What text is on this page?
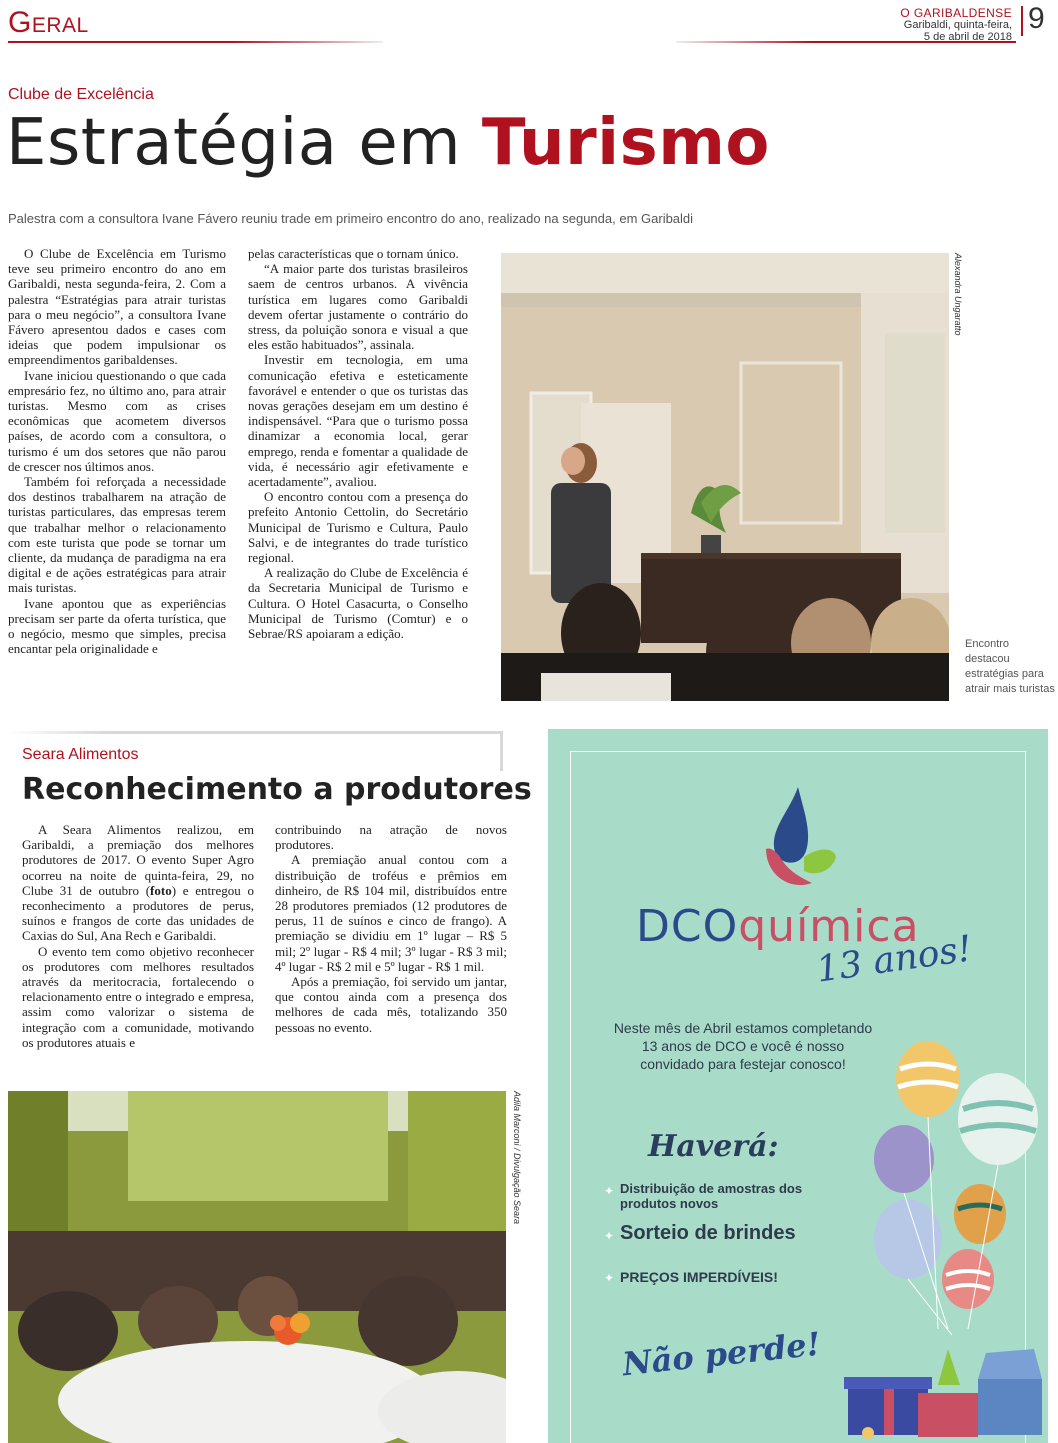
Geral	O GARIBALDENSE
Garibaldi, quinta-feira,
5 de abril de 2018
9
Clube de Excelência
Estratégia em Turismo
Palestra com a consultora Ivane Fávero reuniu trade em primeiro encontro do ano, realizado na segunda, em Garibaldi

O Clube de Excelência em Turismo teve seu primeiro encontro do ano em Garibaldi, nesta segunda-feira, 2. Com a palestra “Estratégias para atrair turistas para o meu negócio”, a consultora Ivane Fávero apresentou dados e cases com ideias que podem impulsionar os empreendimentos garibaldenses.

Ivane iniciou questionando o que cada empresário fez, no último ano, para atrair turistas. Mesmo com as crises econômicas que acometem diversos países, de acordo com a consultora, o turismo é um dos setores que não parou de crescer nos últimos anos.

Também foi reforçada a necessidade dos destinos trabalharem na atração de turistas particulares, das empresas terem que trabalhar melhor o relacionamento com este turista que pode se tornar um cliente, da mudança de paradigma na era digital e de ações estratégicas para atrair mais turistas.

Ivane apontou que as experiências precisam ser parte da oferta turística, que o negócio, mesmo que simples, precisa encantar pela originalidade e

pelas características que o tornam único.

“A maior parte dos turistas brasileiros saem de centros urbanos. A vivência turística em lugares como Garibaldi devem ofertar justamente o contrário do stress, da poluição sonora e visual a que eles estão habituados”, assinala.

Investir em tecnologia, em uma comunicação efetiva e esteticamente favorável e entender o que os turistas das novas gerações desejam em um destino é indispensável. “Para que o turismo possa dinamizar a economia local, gerar emprego, renda e fomentar a qualidade de vida, é necessário agir efetivamente e acertadamente”, avaliou.

O encontro contou com a presença do prefeito Antonio Cettolin, do Secretário Municipal de Turismo e Cultura, Paulo Salvi, e de integrantes do trade turístico regional.

A realização do Clube de Excelência é da Secretaria Municipal de Turismo e Cultura. O Hotel Casacurta, o Conselho Municipal de Turismo (Comtur) e o Sebrae/RS apoiaram a edição.

Alexandra Ungaratto
Encontro destacou estratégias para atrair mais turistas
Seara Alimentos
Reconhecimento a produtores

A Seara Alimentos realizou, em Garibaldi, a premiação dos melhores produtores de 2017. O evento Super Agro ocorreu na noite de quinta-feira, 29, no Clube 31 de outubro (foto) e entregou o reconhecimento a produtores de perus, suínos e frangos de corte das unidades de Caxias do Sul, Ana Rech e Garibaldi.

O evento tem como objetivo reconhecer os produtores com melhores resultados através da meritocracia, fortalecendo o relacionamento entre o integrado e empresa, assim como valorizar o sistema de integração com a comunidade, motivando os produtores atuais e

contribuindo na atração de novos produtores.

A premiação anual contou com a distribuição de troféus e prêmios em dinheiro, de R$ 104 mil, distribuídos entre 28 produtores premiados (12 produtores de perus, 11 de suínos e cinco de frango). A premiação se dividiu em 1º lugar – R$ 5 mil; 2º lugar - R$ 4 mil; 3º lugar - R$ 3 mil; 4º lugar - R$ 2 mil e 5º lugar - R$ 1 mil.

Após a premiação, foi servido um jantar, que contou ainda com a presença dos melhores de cada mês, totalizando 350 pessoas no evento.

Adila Marconi / Divulgação Seara
DCOquímica
13 anos!
Neste mês de Abril estamos completando 13 anos de DCO e você é nosso convidado para festejar conosco!
Haverá:
✦ Distribuição de amostras dos produtos novos
✦ Sorteio de brindes
✦ PREÇOS IMPERDÍVEIS!
Não perde!
